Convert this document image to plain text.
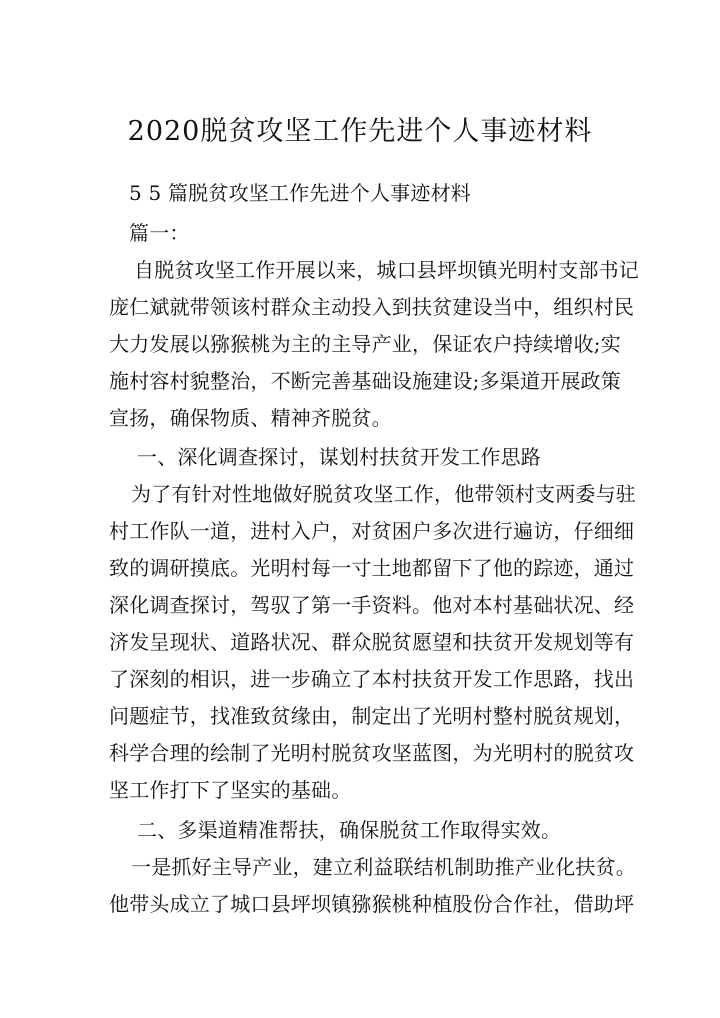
2020脱贫攻坚工作先进个人事迹材料
5 5 篇脱贫攻坚工作先进个人事迹材料
篇一：
自脱贫攻坚工作开展以来，城口县坪坝镇光明村支部书记
庞仁斌就带领该村群众主动投入到扶贫建设当中，组织村民
大力发展以猕猴桃为主的主导产业，保证农户持续增收;实
施村容村貌整治，不断完善基础设施建设;多渠道开展政策
宣扬，确保物质、精神齐脱贫。
一、深化调查探讨，谋划村扶贫开发工作思路
为了有针对性地做好脱贫攻坚工作，他带领村支两委与驻
村工作队一道，进村入户，对贫困户多次进行遍访，仔细细
致的调研摸底。光明村每一寸土地都留下了他的踪迹，通过
深化调查探讨，驾驭了第一手资料。他对本村基础状况、经
济发呈现状、道路状况、群众脱贫愿望和扶贫开发规划等有
了深刻的相识，进一步确立了本村扶贫开发工作思路，找出
问题症节，找准致贫缘由，制定出了光明村整村脱贫规划，
科学合理的绘制了光明村脱贫攻坚蓝图，为光明村的脱贫攻
坚工作打下了坚实的基础。
二、多渠道精准帮扶，确保脱贫工作取得实效。
一是抓好主导产业，建立利益联结机制助推产业化扶贫。
他带头成立了城口县坪坝镇猕猴桃种植股份合作社，借助坪
